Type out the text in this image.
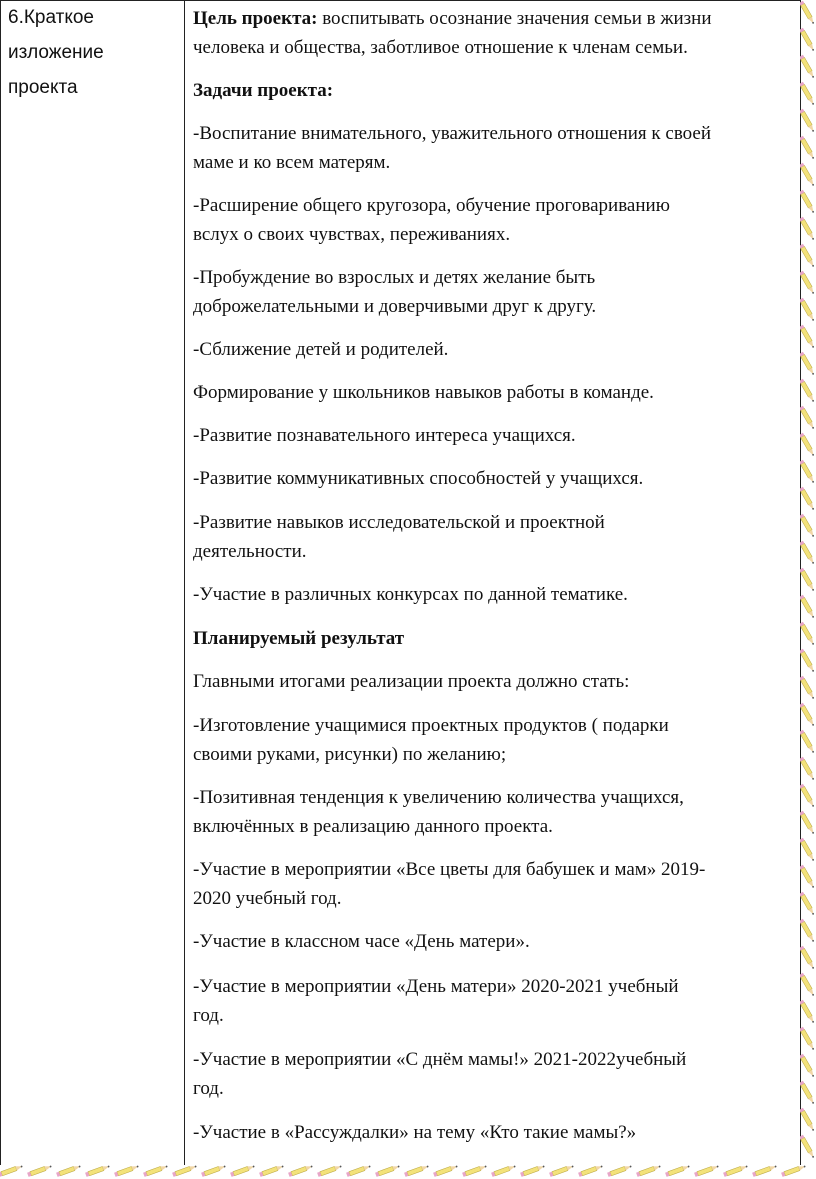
6.Краткое
изложение
проекта
Цель проекта: воспитывать осознание значения семьи в жизни
человека и общества, заботливое отношение к членам семьи.
Задачи проекта:
-Воспитание внимательного, уважительного отношения к своей
маме и ко всем матерям.
-Расширение общего кругозора, обучение проговариванию
вслух о своих чувствах, переживаниях.
-Пробуждение во взрослых и детях желание быть
доброжелательными и доверчивыми друг к другу.
-Сближение детей и родителей.
Формирование у школьников навыков работы в команде.
-Развитие познавательного интереса учащихся.
-Развитие коммуникативных способностей у учащихся.
-Развитие навыков исследовательской и проектной
деятельности.
-Участие в различных конкурсах по данной тематике.
Планируемый результат
Главными итогами реализации проекта должно стать:
-Изготовление учащимися проектных продуктов ( подарки
своими руками, рисунки) по желанию;
-Позитивная тенденция к увеличению количества учащихся,
включённых в реализацию данного проекта.
-Участие в мероприятии «Все цветы для бабушек и мам» 2019-
2020 учебный год.
-Участие в классном часе «День матери».
-Участие в мероприятии «День матери» 2020-2021 учебный
год.
-Участие в мероприятии «С днём мамы!» 2021-2022учебный
год.
-Участие в «Рассуждалки» на тему «Кто такие мамы?»
